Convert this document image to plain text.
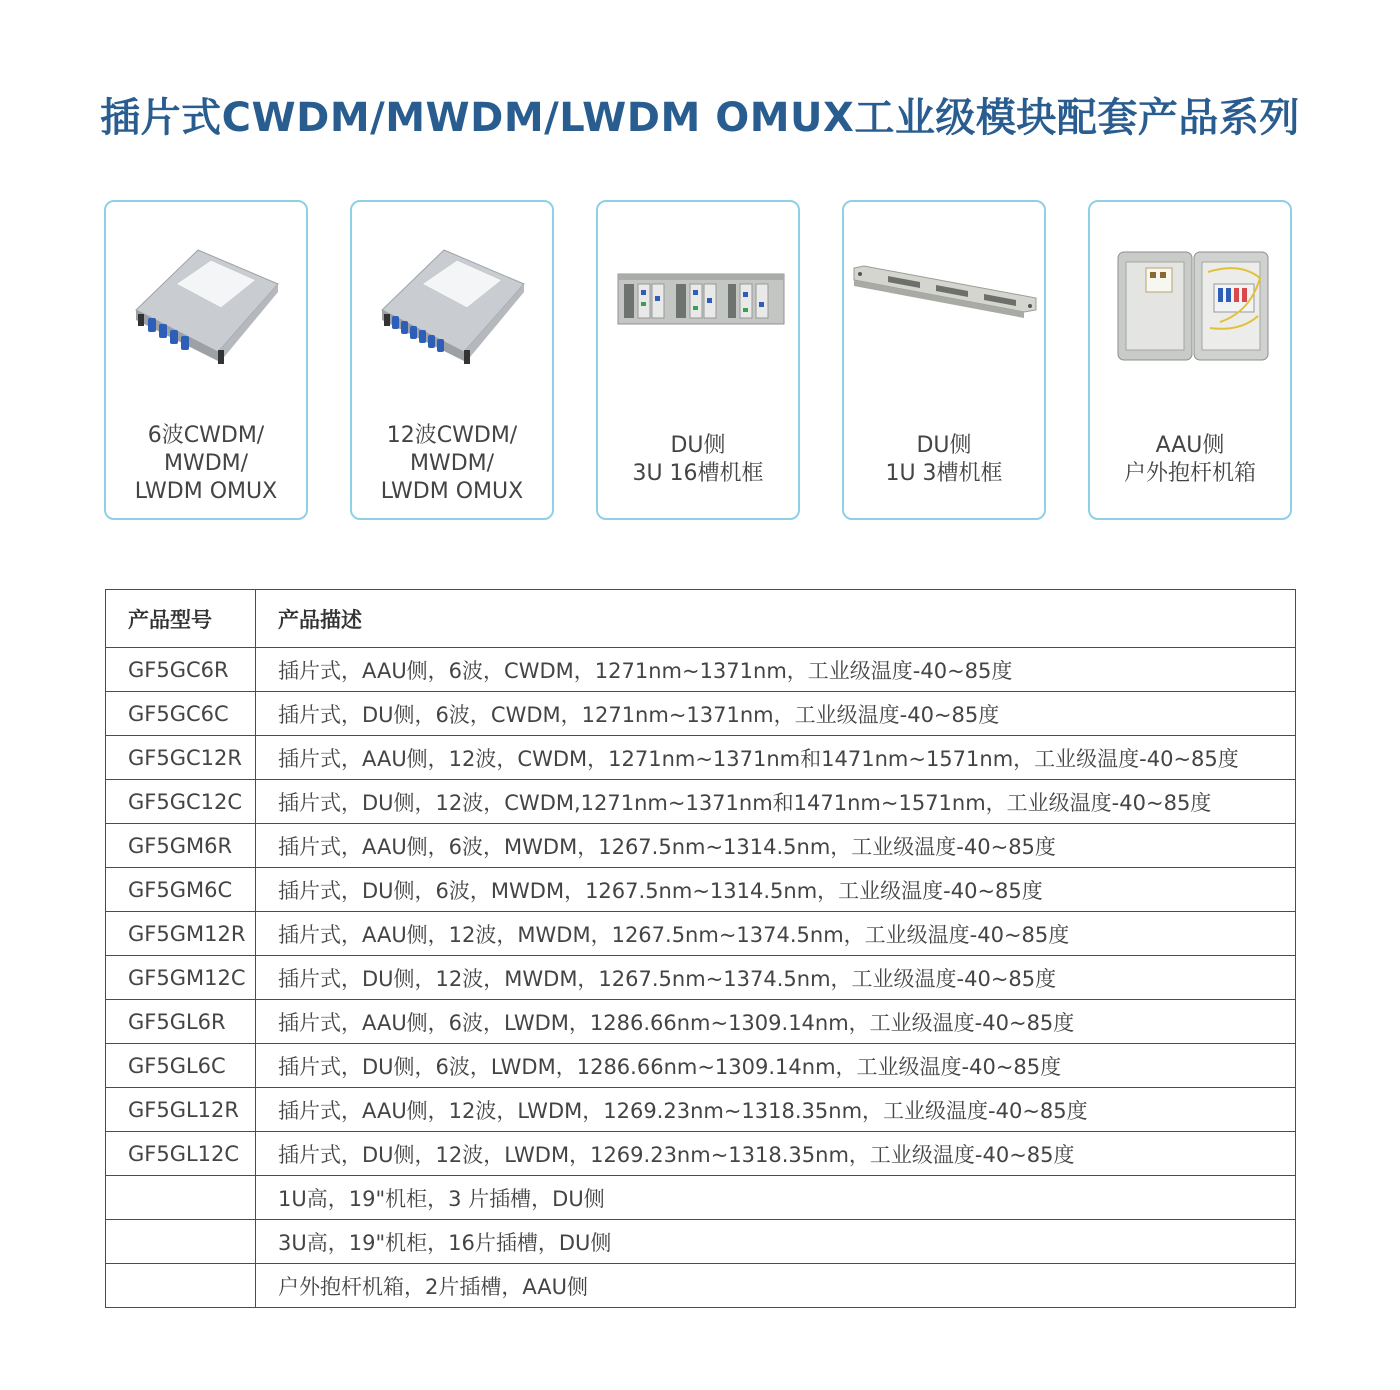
插片式CWDM/MWDM/LWDM OMUX工业级模块配套产品系列
6波CWDM/
MWDM/
LWDM OMUX
12波CWDM/
MWDM/
LWDM OMUX
DU侧
3U 16槽机框
DU侧
1U 3槽机框
AAU侧
户外抱杆机箱
产品型号	产品描述
GF5GC6R	插片式，AAU侧，6波，CWDM，1271nm~1371nm，工业级温度-40~85度
GF5GC6C	插片式，DU侧，6波，CWDM，1271nm~1371nm，工业级温度-40~85度
GF5GC12R	插片式，AAU侧，12波，CWDM，1271nm~1371nm和1471nm~1571nm，工业级温度-40~85度
GF5GC12C	插片式，DU侧，12波，CWDM,1271nm~1371nm和1471nm~1571nm，工业级温度-40~85度
GF5GM6R	插片式，AAU侧，6波，MWDM，1267.5nm~1314.5nm，工业级温度-40~85度
GF5GM6C	插片式，DU侧，6波，MWDM，1267.5nm~1314.5nm，工业级温度-40~85度
GF5GM12R	插片式，AAU侧，12波，MWDM，1267.5nm~1374.5nm，工业级温度-40~85度
GF5GM12C	插片式，DU侧，12波，MWDM，1267.5nm~1374.5nm，工业级温度-40~85度
GF5GL6R	插片式，AAU侧，6波，LWDM，1286.66nm~1309.14nm，工业级温度-40~85度
GF5GL6C	插片式，DU侧，6波，LWDM，1286.66nm~1309.14nm，工业级温度-40~85度
GF5GL12R	插片式，AAU侧，12波，LWDM，1269.23nm~1318.35nm，工业级温度-40~85度
GF5GL12C	插片式，DU侧，12波，LWDM，1269.23nm~1318.35nm，工业级温度-40~85度
	1U高，19"机柜，3 片插槽，DU侧
	3U高，19"机柜，16片插槽，DU侧
	户外抱杆机箱，2片插槽，AAU侧
